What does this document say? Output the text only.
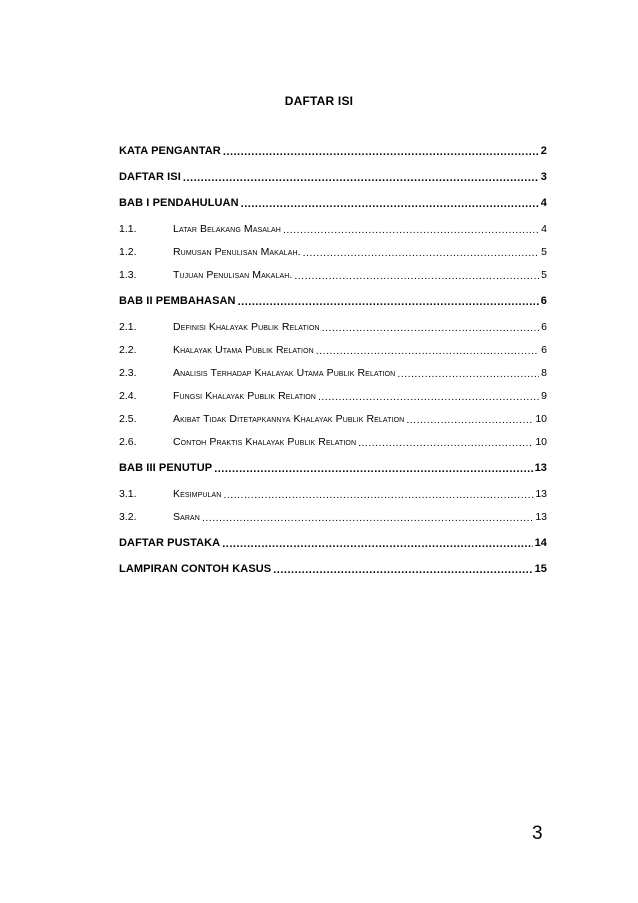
DAFTAR ISI
KATA PENGANTAR .....	2
DAFTAR ISI .....	3
BAB I PENDAHULUAN .....	4
1.1.	Latar Belakang Masalah .....	4
1.2.	Rumusan Penulisan Makalah. .....	5
1.3.	Tujuan Penulisan Makalah. .....	5
BAB II PEMBAHASAN .....	6
2.1.	Definisi Khalayak Publik Relation .....	6
2.2.	Khalayak Utama Publik Relation .....	6
2.3.	Analisis Terhadap Khalayak Utama Publik Relation .....	8
2.4.	Fungsi Khalayak Publik Relation .....	9
2.5.	Akibat Tidak Ditetapkannya Khalayak Publik Relation .....	10
2.6.	Contoh Praktis Khalayak Publik Relation .....	10
BAB III PENUTUP .....	13
3.1.	Kesimpulan .....	13
3.2.	Saran .....	13
DAFTAR PUSTAKA .....	14
LAMPIRAN CONTOH KASUS .....	15
3
